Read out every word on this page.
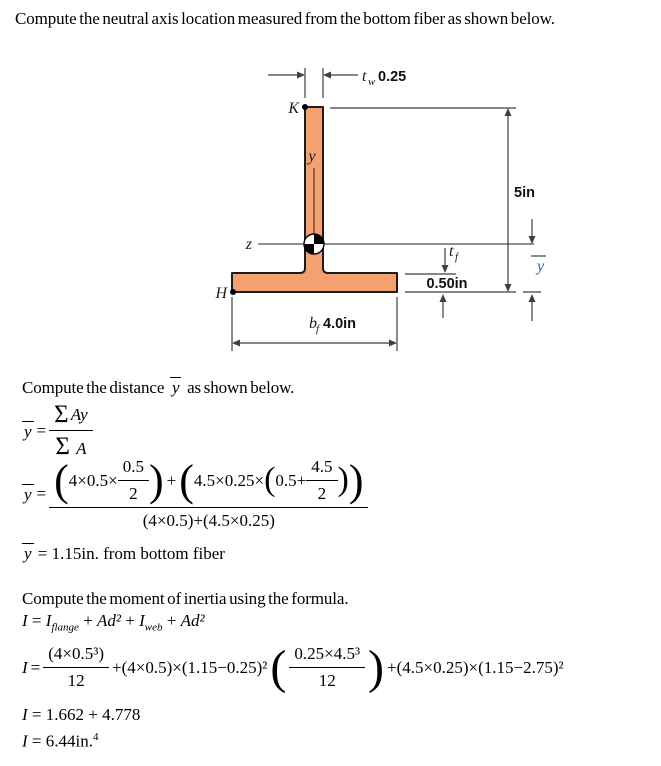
Compute the neutral axis location measured from the bottom fiber as shown below.
t w 0.25
K
5in
z
y
H
t f
0.50in
y
b f 4.0in
Compute the distance y as shown below.
$y = \frac{\text{Σ Ay}}{\text{Σ A}}$
y = ( $4\times 0.5\times \frac{0.5}{2}$ ) + ( 4.5×0.25× ( $0.5+ \frac{4.5}{2}$ ) )
(4×0.5)+(4.5×0.25)
y = 1.15in. from bottom fiber
Compute the moment of inertia using the formula.
$I = I_{flange} + Ad^2 + I_{web} + Ad^2$
$I = \frac{\text{(4×0.5³)}}{12} +(4\times 0.5)\times(1.15-0.25)^2$ ( $\frac{\text{0.25×4.5³}}{12}$ ) +(4.5×0.25)×(1.15−2.75)²
I = 1.662 + 4.778
I = 6.44in.$^4$
